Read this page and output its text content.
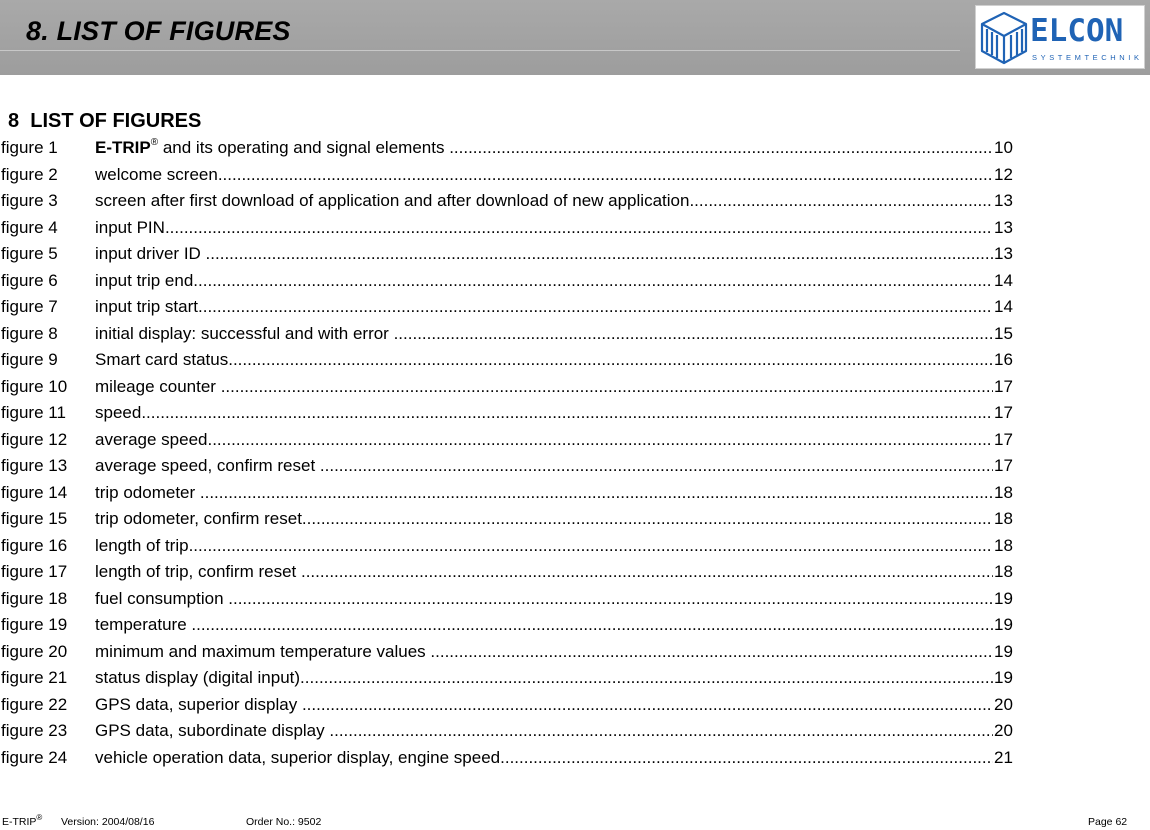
8. LIST OF FIGURES	ELCON
SYSTEMTECHNIK
8  LIST OF FIGURES
figure 1 E-TRIP® and its operating and signal elements  .....	10
figure 2 welcome screen .....	12
figure 3 screen after first download of application and after download of new application .....	13
figure 4 input PIN .....	13
figure 5 input driver ID  .....	13
figure 6 input trip end .....	14
figure 7 input trip start .....	14
figure 8 initial display: successful and with error  .....	15
figure 9 Smart card status .....	16
figure 10 mileage counter  .....	17
figure 11 speed .....	17
figure 12 average speed .....	17
figure 13 average speed, confirm reset  .....	17
figure 14 trip odometer  .....	18
figure 15 trip odometer, confirm reset .....	18
figure 16 length of trip .....	18
figure 17 length of trip, confirm reset  .....	18
figure 18 fuel consumption  .....	19
figure 19 temperature  .....	19
figure 20 minimum and maximum temperature values  .....	19
figure 21 status display (digital input) .....	19
figure 22 GPS data, superior display  .....	20
figure 23 GPS data, subordinate display  .....	20
figure 24 vehicle operation data, superior display, engine speed .....	21
E-TRIP® Version: 2004/08/16	Order No.: 9502	Page 62
